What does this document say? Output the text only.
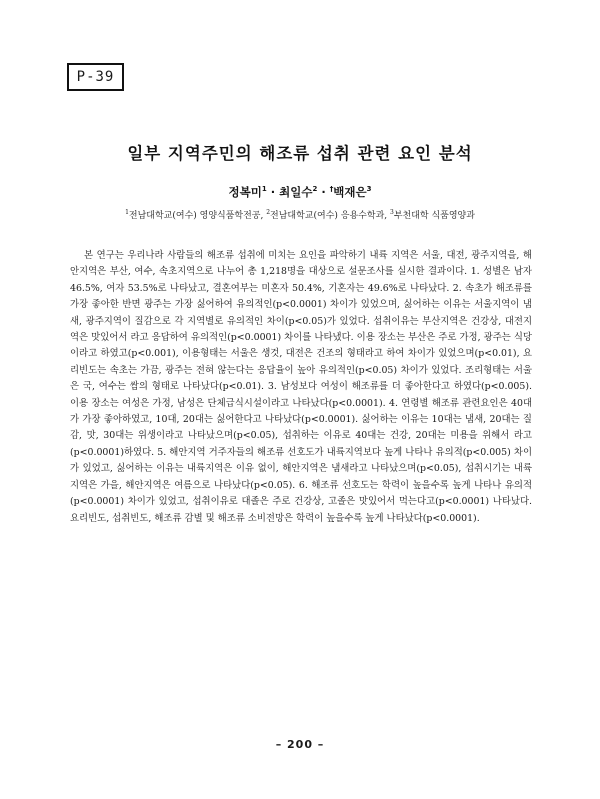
P-39
일부 지역주민의 해조류 섭취 관련 요인 분석
정복미$^1$ · 최일수$^2$ · †백재은$^3$
$^1$전남대학교(여수) 영양식품학전공, $^2$전남대학교(여수) 응용수학과, $^3$부천대학 식품영양과

본 연구는 우리나라 사람들의 해조류 섭취에 미치는 요인을 파악하기 내륙 지역은 서울, 대전, 광주지역을, 해안지역은 부산, 여수, 속초지역으로 나누어 총 1,218명을 대상으로 설문조사를 실시한 결과이다. 1. 성별은 남자 46.5%, 여자 53.5%로 나타났고, 결혼여부는 미혼자 50.4%, 기혼자는 49.6%로 나타났다. 2. 속초가 해조류를 가장 좋아한 반면 광주는 가장 싫어하여 유의적인(p<0.0001) 차이가 있었으며, 싫어하는 이유는 서울지역이 냄새, 광주지역이 질감으로 각 지역별로 유의적인 차이(p<0.05)가 있었다. 섭취이유는 부산지역은 건강상, 대전지역은 맛있어서 라고 응답하여 유의적인(p<0.0001) 차이를 나타냈다. 이용 장소는 부산은 주로 가정, 광주는 식당이라고 하였고(p<0.001), 이용형태는 서울은 생것, 대전은 건조의 형태라고 하여 차이가 있었으며(p<0.01), 요리빈도는 속초는 가끔, 광주는 전혀 않는다는 응답율이 높아 유의적인(p<0.05) 차이가 있었다. 조리형태는 서울은 국, 여수는 쌈의 형태로 나타났다(p<0.01). 3. 남성보다 여성이 해조류를 더 좋아한다고 하였다(p<0.005). 이용 장소는 여성은 가정, 남성은 단체급식시설이라고 나타났다(p<0.0001). 4. 연령별 해조류 관련요인은 40대가 가장 좋아하였고, 10대, 20대는 싫어한다고 나타났다(p<0.0001). 싫어하는 이유는 10대는 냄새, 20대는 질감, 맛, 30대는 위생이라고 나타났으며(p<0.05), 섭취하는 이유로 40대는 건강, 20대는 미용을 위해서 라고(p<0.0001)하였다. 5. 해안지역 거주자들의 해조류 선호도가 내륙지역보다 높게 나타나 유의적(p<0.005) 차이가 있었고, 싫어하는 이유는 내륙지역은 이유 없이, 해안지역은 냄새라고 나타났으며(p<0.05), 섭취시기는 내륙지역은 가을, 해안지역은 여름으로 나타났다(p<0.05). 6. 해조류 선호도는 학력이 높을수록 높게 나타나 유의적(p<0.0001) 차이가 있었고, 섭취이유로 대졸은 주로 건강상, 고졸은 맛있어서 먹는다고(p<0.0001) 나타났다. 요리빈도, 섭취빈도, 해조류 감별 및 해조류 소비전망은 학력이 높을수록 높게 나타났다(p<0.0001).

– 200 –
